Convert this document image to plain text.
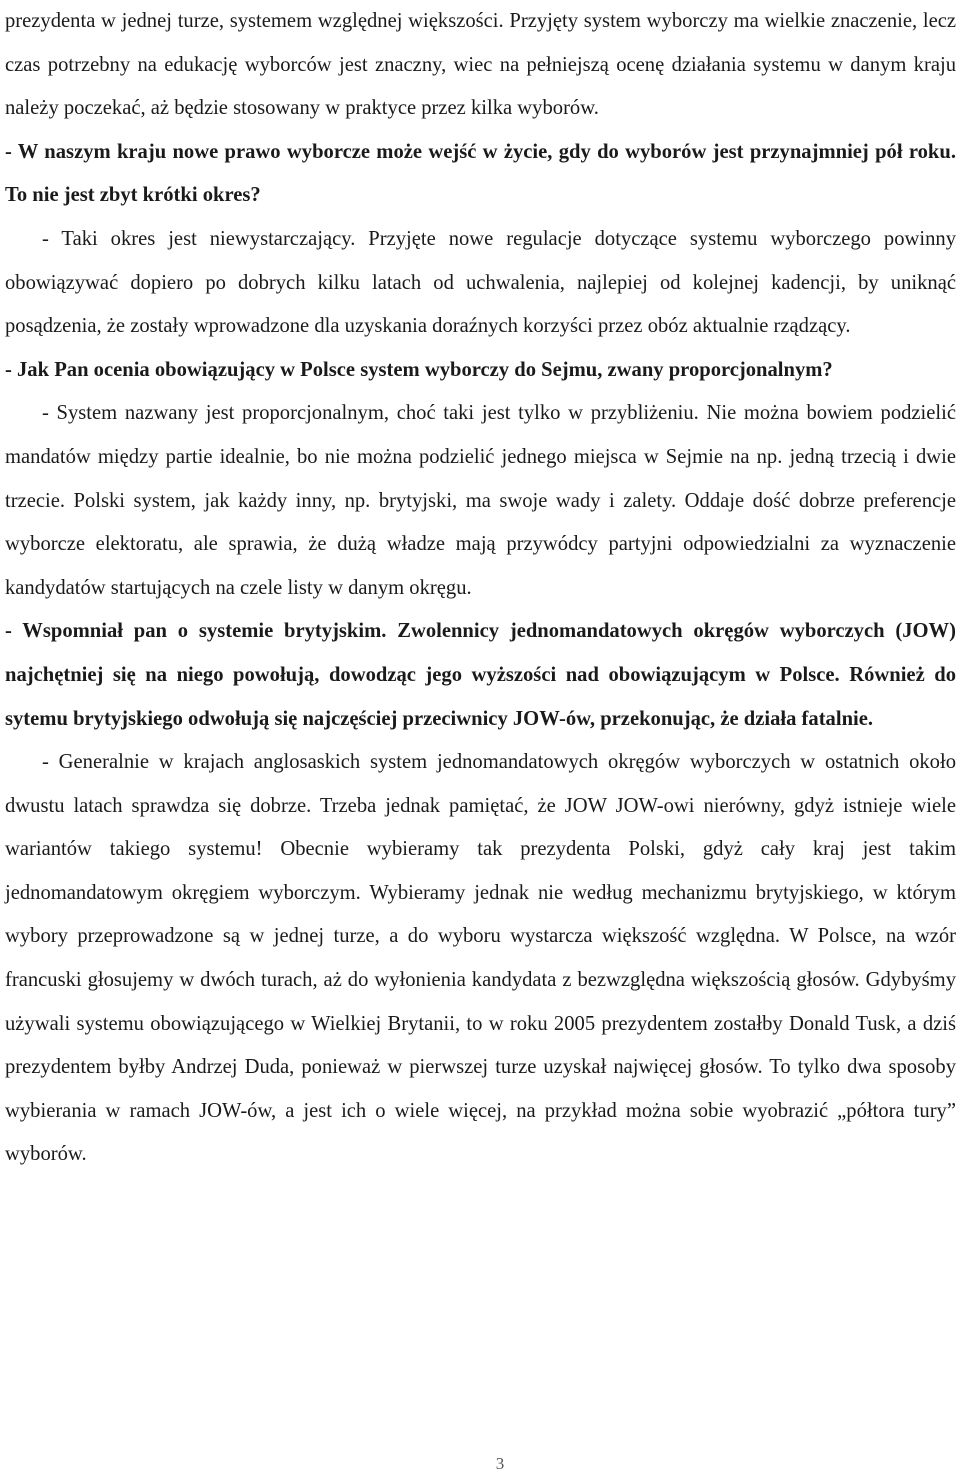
prezydenta w jednej turze, systemem względnej większości. Przyjęty system wyborczy ma wielkie znaczenie, lecz czas potrzebny na edukację wyborców jest znaczny, wiec na pełniejszą ocenę działania systemu w danym kraju należy poczekać, aż będzie stosowany w praktyce przez kilka wyborów.

- W naszym kraju nowe prawo wyborcze może wejść w życie, gdy do wyborów jest przynajmniej pół roku. To nie jest zbyt krótki okres?

- Taki okres jest niewystarczający. Przyjęte nowe regulacje dotyczące systemu wyborczego powinny obowiązywać dopiero po dobrych kilku latach od uchwalenia, najlepiej od kolejnej kadencji, by uniknąć posądzenia, że zostały wprowadzone dla uzyskania doraźnych korzyści przez obóz aktualnie rządzący.

- Jak Pan ocenia obowiązujący w Polsce system wyborczy do Sejmu, zwany proporcjonalnym?

- System nazwany jest proporcjonalnym, choć taki jest tylko w przybliżeniu. Nie można bowiem podzielić mandatów między partie idealnie, bo nie można podzielić jednego miejsca w Sejmie na np. jedną trzecią i dwie trzecie. Polski system, jak każdy inny, np. brytyjski, ma swoje wady i zalety. Oddaje dość dobrze preferencje wyborcze elektoratu, ale sprawia, że dużą władze mają przywódcy partyjni odpowiedzialni za wyznaczenie kandydatów startujących na czele listy w danym okręgu.

- Wspomniał pan o systemie brytyjskim. Zwolennicy jednomandatowych okręgów wyborczych (JOW) najchętniej się na niego powołują, dowodząc jego wyższości nad obowiązującym w Polsce. Również do sytemu brytyjskiego odwołują się najczęściej przeciwnicy JOW-ów, przekonując, że działa fatalnie.

- Generalnie w krajach anglosaskich system jednomandatowych okręgów wyborczych w ostatnich około dwustu latach sprawdza się dobrze. Trzeba jednak pamiętać, że JOW JOW-owi nierówny, gdyż istnieje wiele wariantów takiego systemu! Obecnie wybieramy tak prezydenta Polski, gdyż cały kraj jest takim jednomandatowym okręgiem wyborczym. Wybieramy jednak nie według mechanizmu brytyjskiego, w którym wybory przeprowadzone są w jednej turze, a do wyboru wystarcza większość względna. W Polsce, na wzór francuski głosujemy w dwóch turach, aż do wyłonienia kandydata z bezwzględna większością głosów. Gdybyśmy używali systemu obowiązującego w Wielkiej Brytanii, to w roku 2005 prezydentem zostałby Donald Tusk, a dziś prezydentem byłby Andrzej Duda, ponieważ w pierwszej turze uzyskał najwięcej głosów. To tylko dwa sposoby wybierania w ramach JOW-ów, a jest ich o wiele więcej, na przykład można sobie wyobrazić „półtora tury” wyborów.

3
